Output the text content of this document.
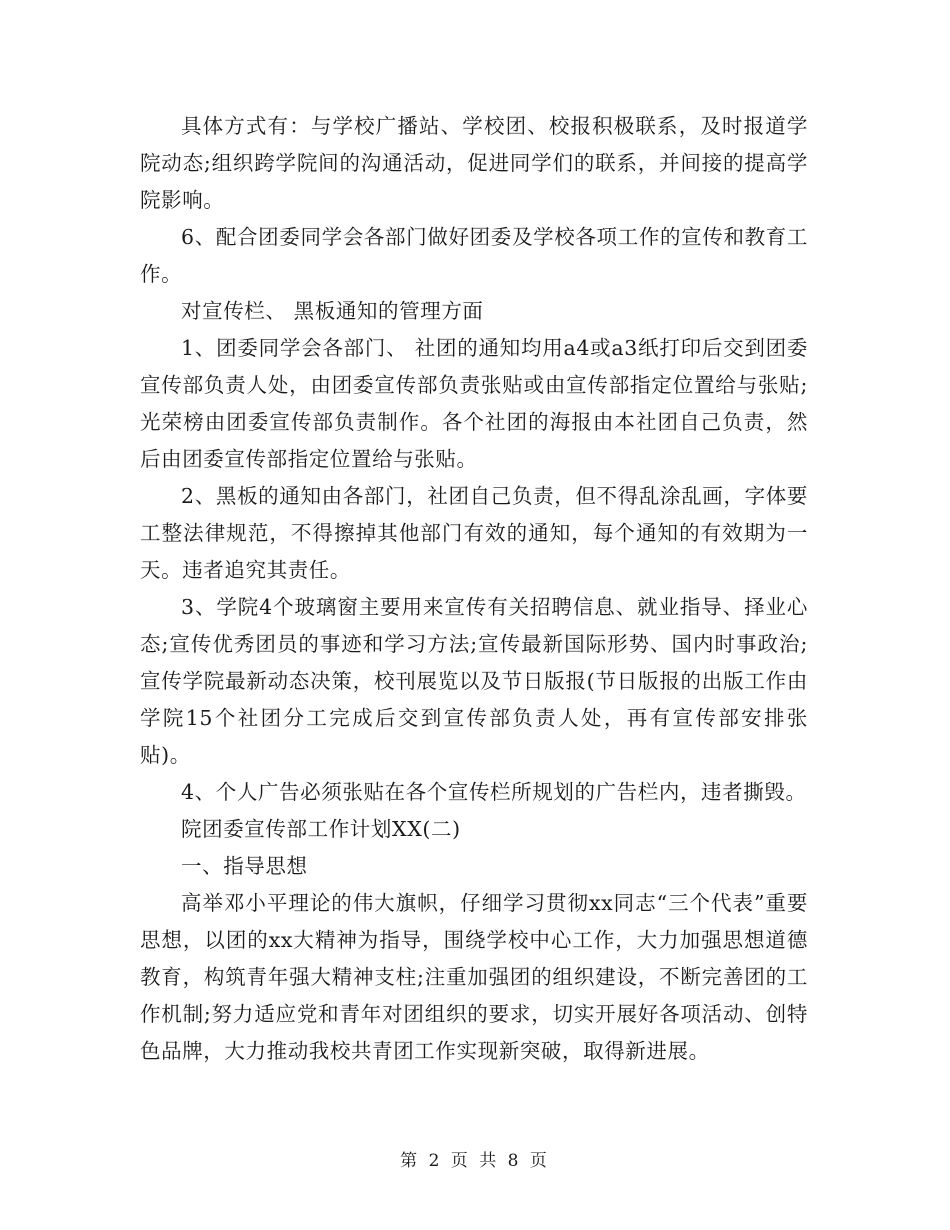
具体方式有：与学校广播站、学校团、校报积极联系，及时报道学院动态;组织跨学院间的沟通活动，促进同学们的联系，并间接的提高学院影响。

6、配合团委同学会各部门做好团委及学校各项工作的宣传和教育工作。

对宣传栏、 黑板通知的管理方面

1、团委同学会各部门、 社团的通知均用a4或a3纸打印后交到团委宣传部负责人处，由团委宣传部负责张贴或由宣传部指定位置给与张贴;光荣榜由团委宣传部负责制作。各个社团的海报由本社团自己负责，然后由团委宣传部指定位置给与张贴。

2、黑板的通知由各部门，社团自己负责，但不得乱涂乱画，字体要工整法律规范，不得擦掉其他部门有效的通知，每个通知的有效期为一天。违者追究其责任。

3、学院4个玻璃窗主要用来宣传有关招聘信息、就业指导、择业心态;宣传优秀团员的事迹和学习方法;宣传最新国际形势、国内时事政治;宣传学院最新动态决策，校刊展览以及节日版报(节日版报的出版工作由学院15个社团分工完成后交到宣传部负责人处，再有宣传部安排张贴)。

4、个人广告必须张贴在各个宣传栏所规划的广告栏内，违者撕毁。

院团委宣传部工作计划XX(二)

一、指导思想

高举邓小平理论的伟大旗帜，仔细学习贯彻xx同志“三个代表”重要思想，以团的xx大精神为指导，围绕学校中心工作，大力加强思想道德教育，构筑青年强大精神支柱;注重加强团的组织建设，不断完善团的工作机制;努力适应党和青年对团组织的要求，切实开展好各项活动、创特色品牌，大力推动我校共青团工作实现新突破，取得新进展。

第 2 页 共 8 页
